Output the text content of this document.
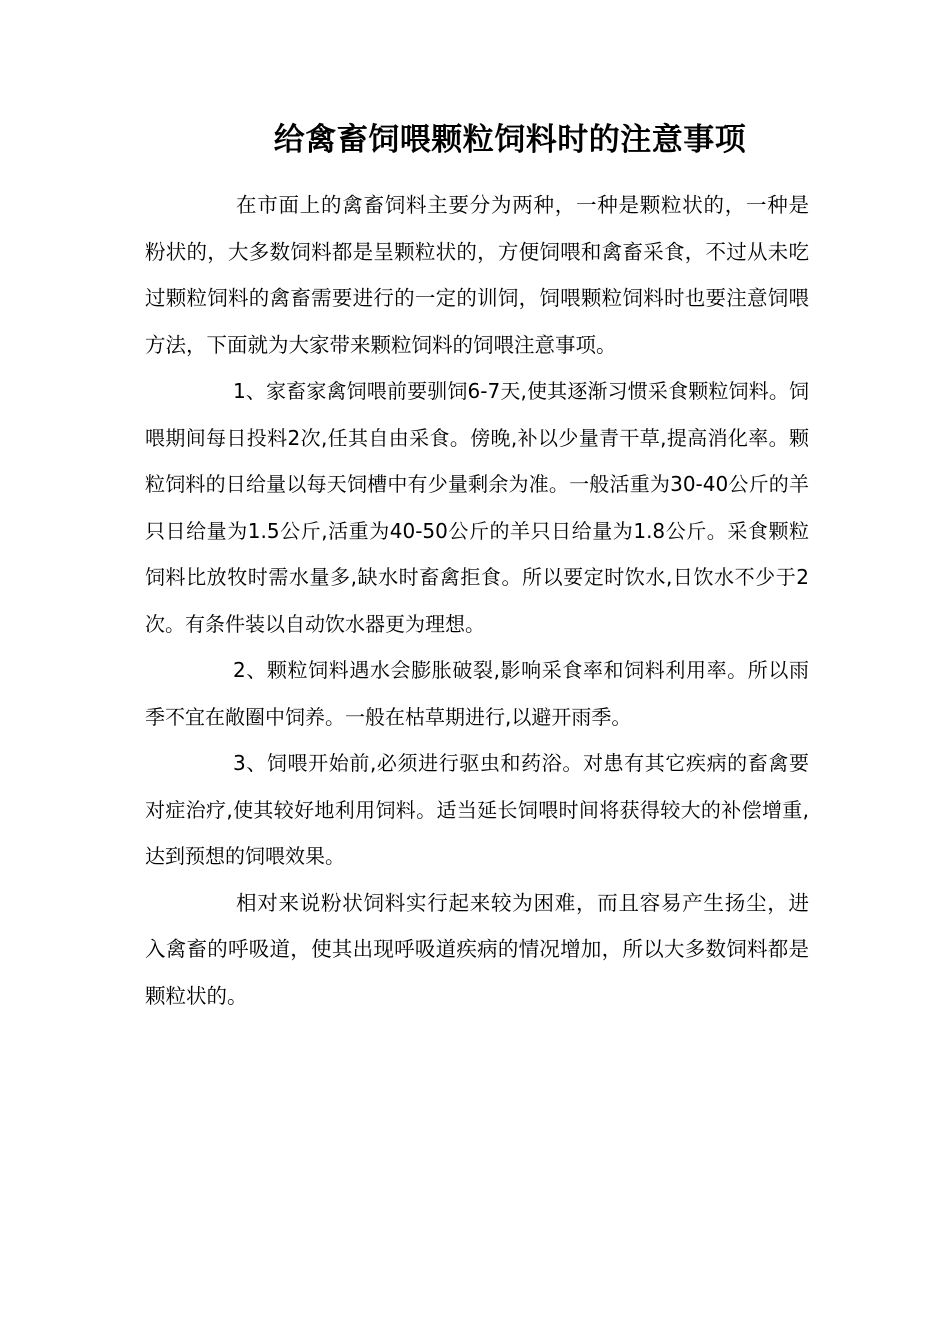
给禽畜饲喂颗粒饲料时的注意事项

在市面上的禽畜饲料主要分为两种，一种是颗粒状的，一种是粉状的，大多数饲料都是呈颗粒状的，方便饲喂和禽畜采食，不过从未吃过颗粒饲料的禽畜需要进行的一定的训饲，饲喂颗粒饲料时也要注意饲喂方法，下面就为大家带来颗粒饲料的饲喂注意事项。

1、家畜家禽饲喂前要驯饲6-7天,使其逐渐习惯采食颗粒饲料。饲喂期间每日投料2次,任其自由采食。傍晚,补以少量青干草,提高消化率。颗粒饲料的日给量以每天饲槽中有少量剩余为准。一般活重为30-40公斤的羊只日给量为1.5公斤,活重为40-50公斤的羊只日给量为1.8公斤。采食颗粒饲料比放牧时需水量多,缺水时畜禽拒食。所以要定时饮水,日饮水不少于2次。有条件装以自动饮水器更为理想。

2、颗粒饲料遇水会膨胀破裂,影响采食率和饲料利用率。所以雨季不宜在敞圈中饲养。一般在枯草期进行,以避开雨季。

3、饲喂开始前,必须进行驱虫和药浴。对患有其它疾病的畜禽要对症治疗,使其较好地利用饲料。适当延长饲喂时间将获得较大的补偿增重,达到预想的饲喂效果。

相对来说粉状饲料实行起来较为困难，而且容易产生扬尘，进入禽畜的呼吸道，使其出现呼吸道疾病的情况增加，所以大多数饲料都是颗粒状的。
